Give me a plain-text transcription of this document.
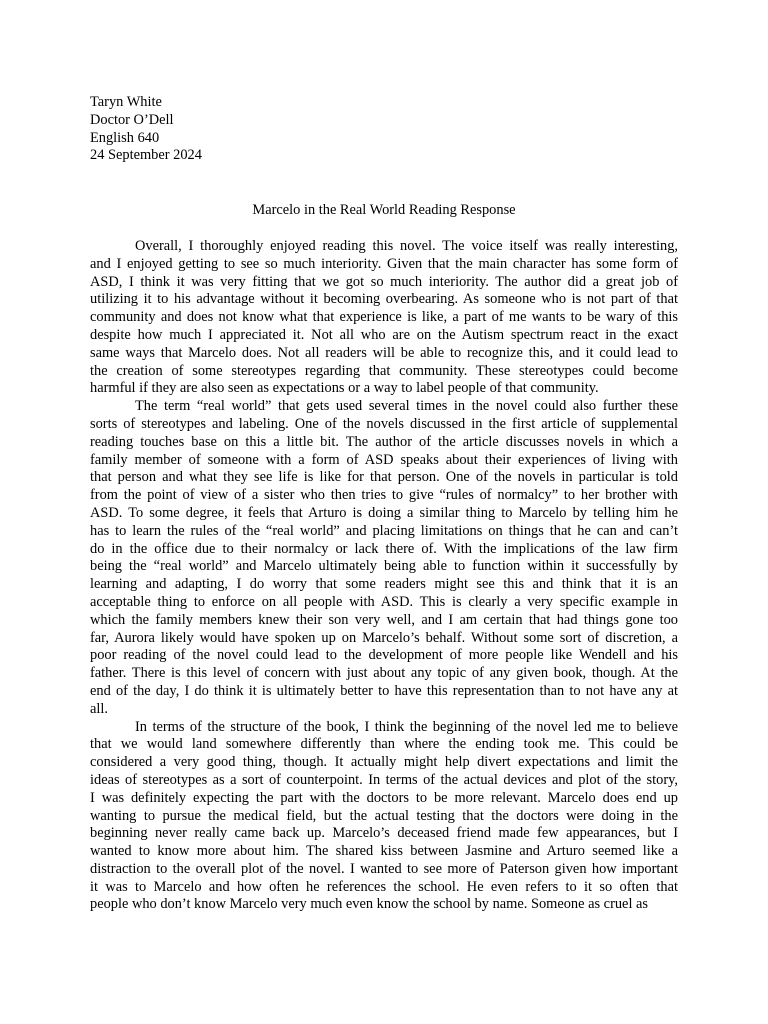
Taryn White
Doctor O’Dell
English 640
24 September 2024
Marcelo in the Real World Reading Response
Overall, I thoroughly enjoyed reading this novel. The voice itself was really interesting,
and I enjoyed getting to see so much interiority. Given that the main character has some form of
ASD, I think it was very fitting that we got so much interiority. The author did a great job of
utilizing it to his advantage without it becoming overbearing. As someone who is not part of that
community and does not know what that experience is like, a part of me wants to be wary of this
despite how much I appreciated it. Not all who are on the Autism spectrum react in the exact
same ways that Marcelo does. Not all readers will be able to recognize this, and it could lead to
the creation of some stereotypes regarding that community. These stereotypes could become
harmful if they are also seen as expectations or a way to label people of that community.
The term “real world” that gets used several times in the novel could also further these
sorts of stereotypes and labeling. One of the novels discussed in the first article of supplemental
reading touches base on this a little bit. The author of the article discusses novels in which a
family member of someone with a form of ASD speaks about their experiences of living with
that person and what they see life is like for that person. One of the novels in particular is told
from the point of view of a sister who then tries to give “rules of normalcy” to her brother with
ASD. To some degree, it feels that Arturo is doing a similar thing to Marcelo by telling him he
has to learn the rules of the “real world” and placing limitations on things that he can and can’t
do in the office due to their normalcy or lack there of. With the implications of the law firm
being the “real world” and Marcelo ultimately being able to function within it successfully by
learning and adapting, I do worry that some readers might see this and think that it is an
acceptable thing to enforce on all people with ASD. This is clearly a very specific example in
which the family members knew their son very well, and I am certain that had things gone too
far, Aurora likely would have spoken up on Marcelo’s behalf. Without some sort of discretion, a
poor reading of the novel could lead to the development of more people like Wendell and his
father. There is this level of concern with just about any topic of any given book, though. At the
end of the day, I do think it is ultimately better to have this representation than to not have any at
all.
In terms of the structure of the book, I think the beginning of the novel led me to believe
that we would land somewhere differently than where the ending took me. This could be
considered a very good thing, though. It actually might help divert expectations and limit the
ideas of stereotypes as a sort of counterpoint. In terms of the actual devices and plot of the story,
I was definitely expecting the part with the doctors to be more relevant. Marcelo does end up
wanting to pursue the medical field, but the actual testing that the doctors were doing in the
beginning never really came back up. Marcelo’s deceased friend made few appearances, but I
wanted to know more about him. The shared kiss between Jasmine and Arturo seemed like a
distraction to the overall plot of the novel. I wanted to see more of Paterson given how important
it was to Marcelo and how often he references the school. He even refers to it so often that
people who don’t know Marcelo very much even know the school by name. Someone as cruel as
